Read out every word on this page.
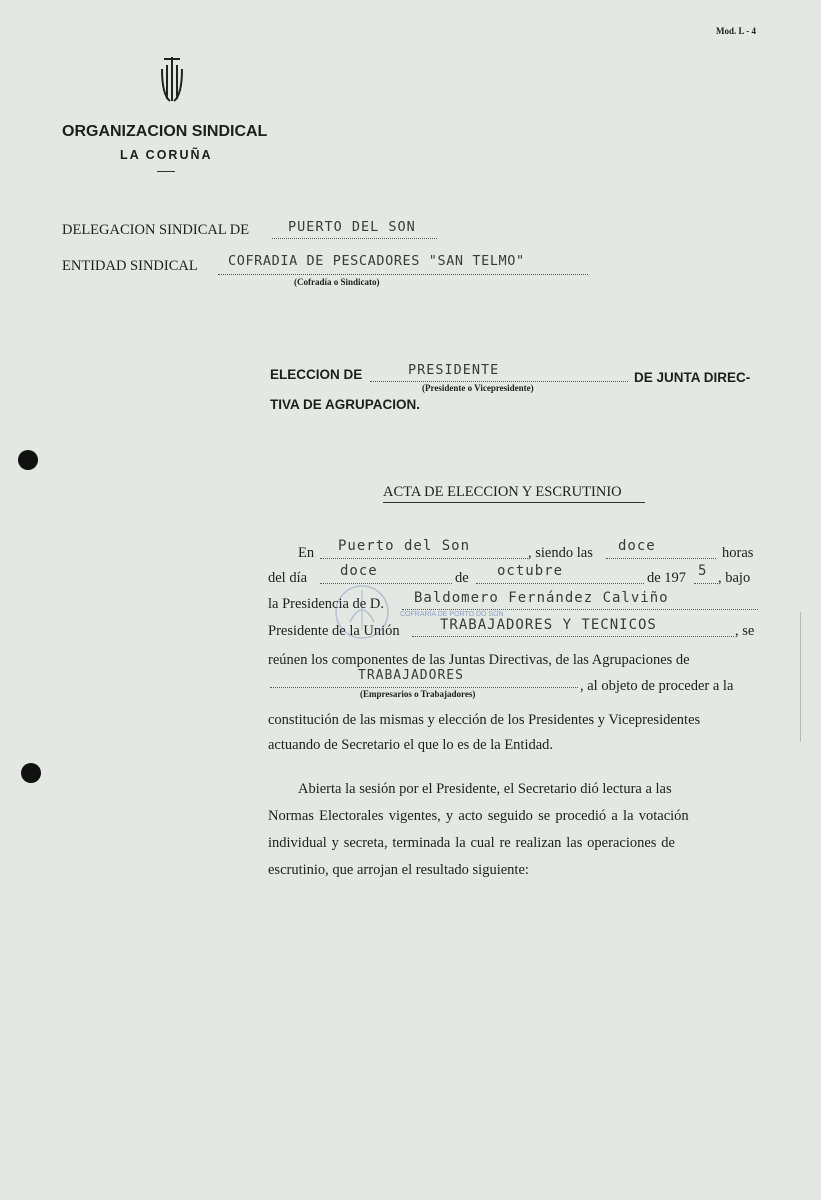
Mod. L - 4
ORGANIZACION SINDICAL
LA CORUÑA
DELEGACION SINDICAL DE	PUERTO DEL SON
ENTIDAD SINDICAL COFRADIA DE PESCADORES "SAN TELMO"
(Cofradía o Sindicato)
ELECCION DE	PRESIDENTE
(Presidente o Vicepresidente)
DE JUNTA DIREC-
TIVA DE AGRUPACION.
ACTA DE ELECCION Y ESCRUTINIO
En Puerto del Son	, siendo las doce	horas
del día doce	de octubre	de 197 5 , bajo
la Presidencia de D. Baldomero Fernández Calviño
Presidente de la Unión	TRABAJADORES Y TECNICOS	, se
reúnen los componentes de las Juntas Directivas, de las Agrupaciones de
TRABAJADORES
(Empresarios o Trabajadores)	, al objeto de proceder a la
constitución de las mismas y elección de los Presidentes y Vicepresidentes
actuando de Secretario el que lo es de la Entidad.
COFRARÍA DE PORTO DO SON
Abierta la sesión por el Presidente, el Secretario dió lectura a las
Normas Electorales vigentes, y acto seguido se procedió a la votación
individual y secreta, terminada la cual re realizan las operaciones de
escrutinio, que arrojan el resultado siguiente:
